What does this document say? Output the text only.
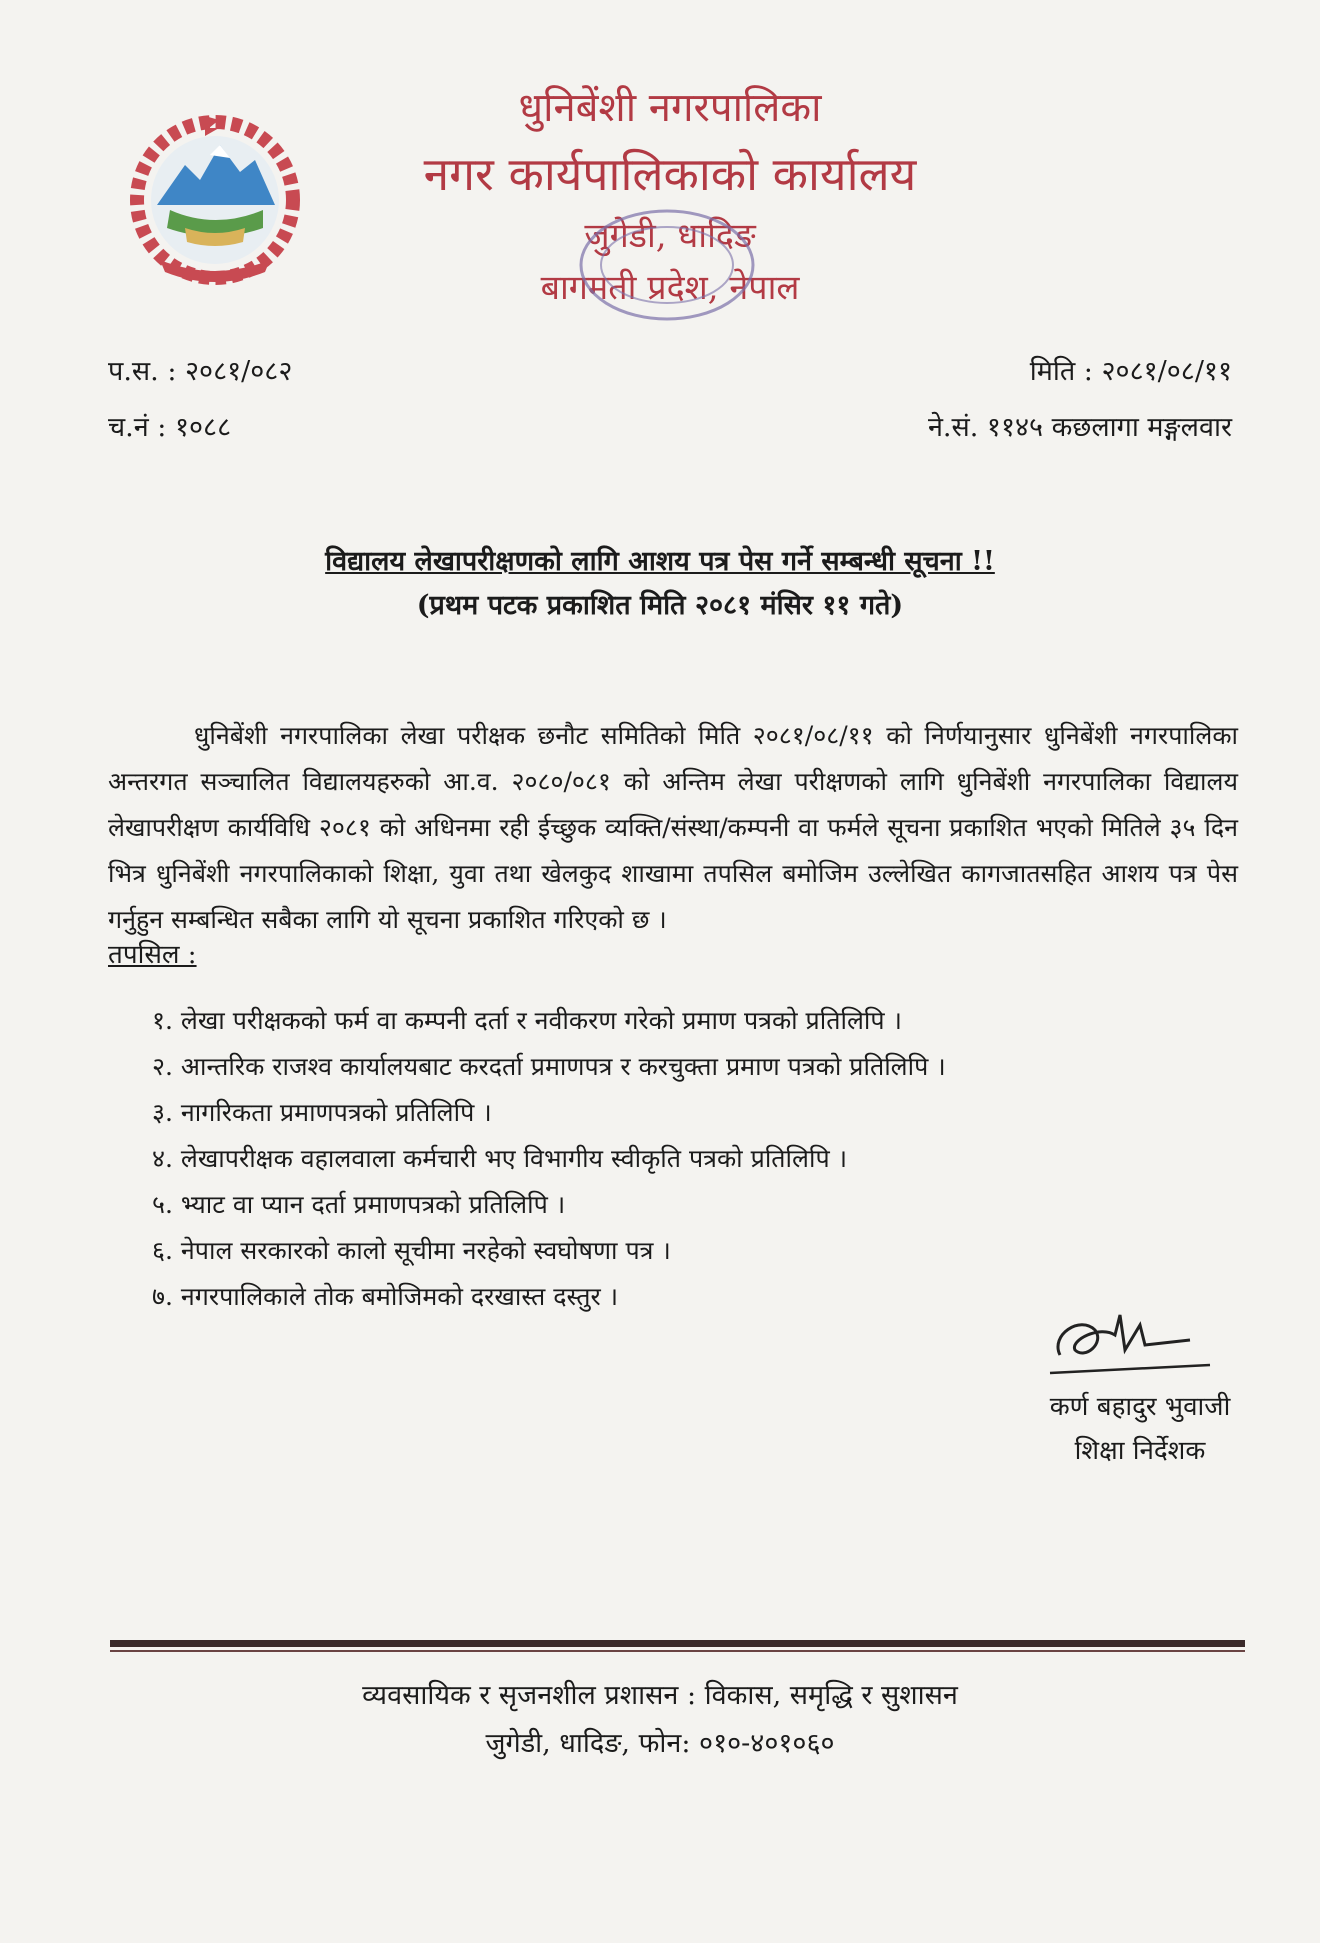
धुनिबेंशी नगरपालिका
नगर कार्यपालिकाको कार्यालय
जुगेडी, धादिङ
बागमती प्रदेश, नेपाल
प.स. : २०८१/०८२
च.नं : १०८८
मिति : २०८१/०८/११
ने.सं. ११४५ कछलागा मङ्गलवार
विद्यालय लेखापरीक्षणको लागि आशय पत्र पेस गर्ने सम्बन्धी सूचना !!
(प्रथम पटक प्रकाशित मिति २०८१ मंसिर ११ गते)

धुनिबेंशी नगरपालिका लेखा परीक्षक छनौट समितिको मिति २०८१/०८/११ को निर्णयानुसार धुनिबेंशी नगरपालिका अन्तरगत सञ्चालित विद्यालयहरुको आ.व. २०८०/०८१ को अन्तिम लेखा परीक्षणको लागि धुनिबेंशी नगरपालिका विद्यालय लेखापरीक्षण कार्यविधि २०८१ को अधिनमा रही ईच्छुक व्यक्ति/संस्था/कम्पनी वा फर्मले सूचना प्रकाशित भएको मितिले ३५ दिन भित्र धुनिबेंशी नगरपालिकाको शिक्षा, युवा तथा खेलकुद शाखामा तपसिल बमोजिम उल्लेखित कागजातसहित आशय पत्र पेस गर्नुहुन सम्बन्धित सबैका लागि यो सूचना प्रकाशित गरिएको छ ।

तपसिल :
१. लेखा परीक्षकको फर्म वा कम्पनी दर्ता र नवीकरण गरेको प्रमाण पत्रको प्रतिलिपि ।
२. आन्तरिक राजश्व कार्यालयबाट करदर्ता प्रमाणपत्र र करचुक्ता प्रमाण पत्रको प्रतिलिपि ।
३. नागरिकता प्रमाणपत्रको प्रतिलिपि ।
४. लेखापरीक्षक वहालवाला कर्मचारी भए विभागीय स्वीकृति पत्रको प्रतिलिपि ।
५. भ्याट वा प्यान दर्ता प्रमाणपत्रको प्रतिलिपि ।
६. नेपाल सरकारको कालो सूचीमा नरहेको स्वघोषणा पत्र ।
७. नगरपालिकाले तोक बमोजिमको दरखास्त दस्तुर ।
कर्ण बहादुर भुवाजी
शिक्षा निर्देशक
व्यवसायिक र सृजनशील प्रशासन : विकास, समृद्धि र सुशासन
जुगेडी, धादिङ, फोन: ०१०-४०१०६०
